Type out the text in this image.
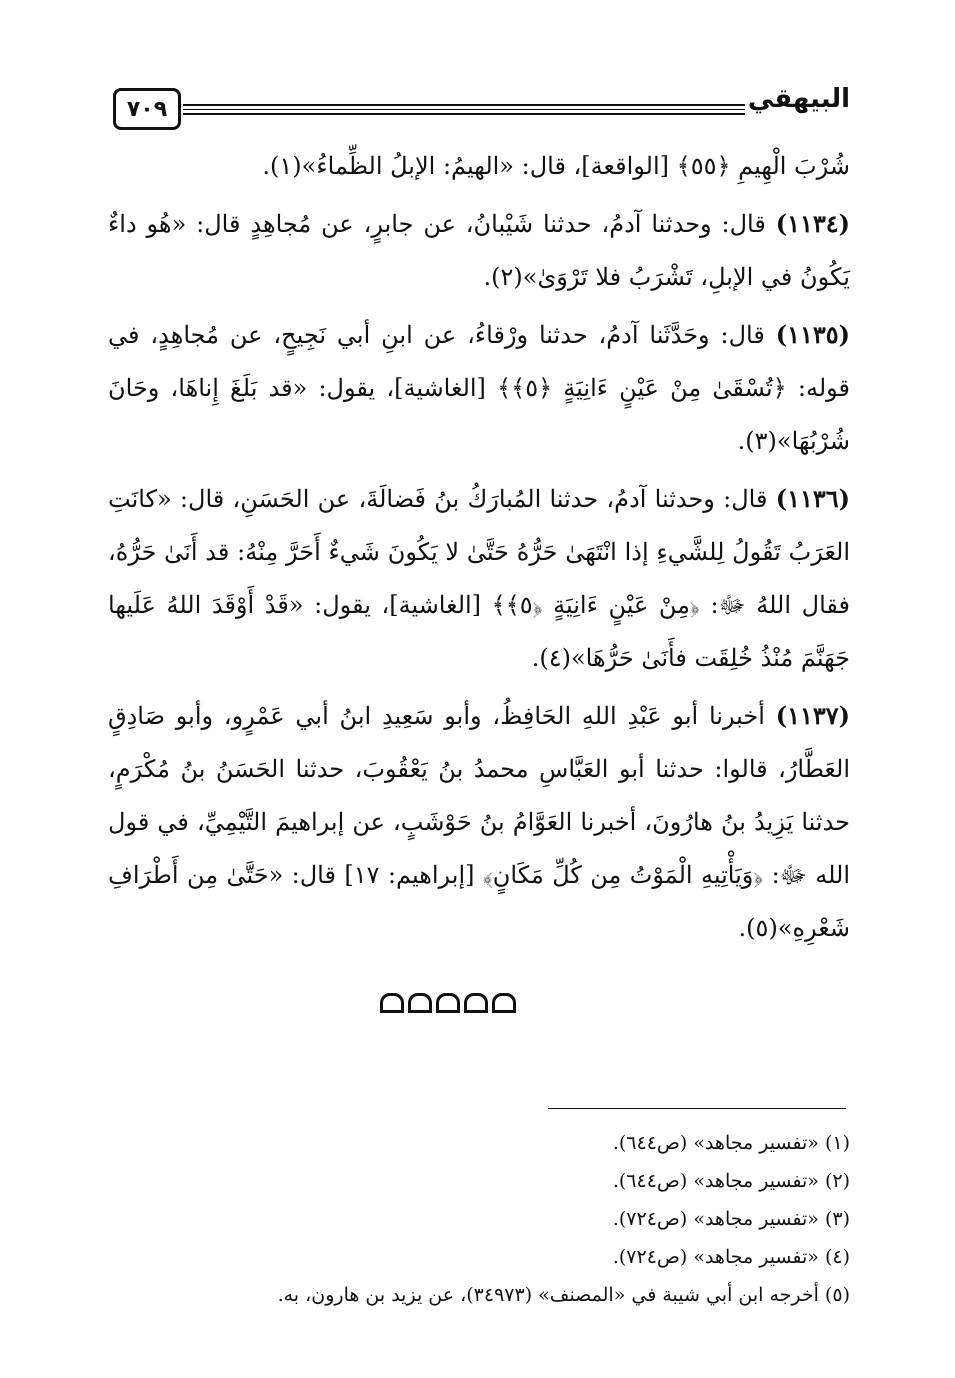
٧٠٩	البيهقي

شُرْبَ الْهِيمِ ﴿٥٥﴾ [الواقعة]، قال: «الهيمُ: الإبلُ الظِّماءُ»(١).

(١١٣٤) قال: وحدثنا آدمُ، حدثنا شَيْبانُ، عن جابرٍ، عن مُجاهِدٍ قال: «هُو داءٌ يَكُونُ في الإبلِ، تَشْرَبُ فلا تَرْوَىٰ»(٢).

(١١٣٥) قال: وحَدَّثَنا آدمُ، حدثنا ورْقاءُ، عن ابنِ أبي نَجِيحٍ، عن مُجاهِدٍ، في قوله: ﴿تُسْقَىٰ مِنْ عَيْنٍ ءَانِيَةٍ ﴿٥﴾﴾ [الغاشية]، يقول: «قد بَلَغَ إِناهَا، وحَانَ شُرْبُهَا»(٣).

(١١٣٦) قال: وحدثنا آدمُ، حدثنا المُبارَكُ بنُ فَضالَةَ، عن الحَسَنِ، قال: «كانَتِ العَرَبُ تَقُولُ لِلشَّيءِ إذا انْتَهَىٰ حَرُّهُ حَتَّىٰ لا يَكُونَ شَيءٌ أَحَرَّ مِنْهُ: قد أَنَىٰ حَرُّهُ، فقال اللهُ ﷻ: ﴿مِنْ عَيْنٍ ءَانِيَةٍ ﴿٥﴾﴾ [الغاشية]، يقول: «قَدْ أَوْقَدَ اللهُ عَلَيها جَهَنَّمَ مُنْذُ خُلِقَت فأَنَىٰ حَرُّهَا»(٤).

(١١٣٧) أخبرنا أبو عَبْدِ اللهِ الحَافِظُ، وأبو سَعِيدِ ابنُ أبي عَمْرٍو، وأبو صَادِقٍ العَطَّارُ، قالوا: حدثنا أبو العَبَّاسِ محمدُ بنُ يَعْقُوبَ، حدثنا الحَسَنُ بنُ مُكْرَمٍ، حدثنا يَزِيدُ بنُ هارُونَ، أخبرنا العَوَّامُ بنُ حَوْشَبٍ، عن إبراهيمَ التَّيْمِيِّ، في قول الله ﷻ: ﴿وَيَأْتِيهِ الْمَوْتُ مِن كُلِّ مَكَانٍ﴾ [إبراهيم: ١٧] قال: «حَتَّىٰ مِن أَطْرَافِ شَعْرِهِ»(٥).

(١) «تفسير مجاهد» (ص٦٤٤).

(٢) «تفسير مجاهد» (ص٦٤٤).

(٣) «تفسير مجاهد» (ص٧٢٤).

(٤) «تفسير مجاهد» (ص٧٢٤).

(٥) أخرجه ابن أبي شيبة في «المصنف» (٣٤٩٧٣)، عن يزيد بن هارون، به.
